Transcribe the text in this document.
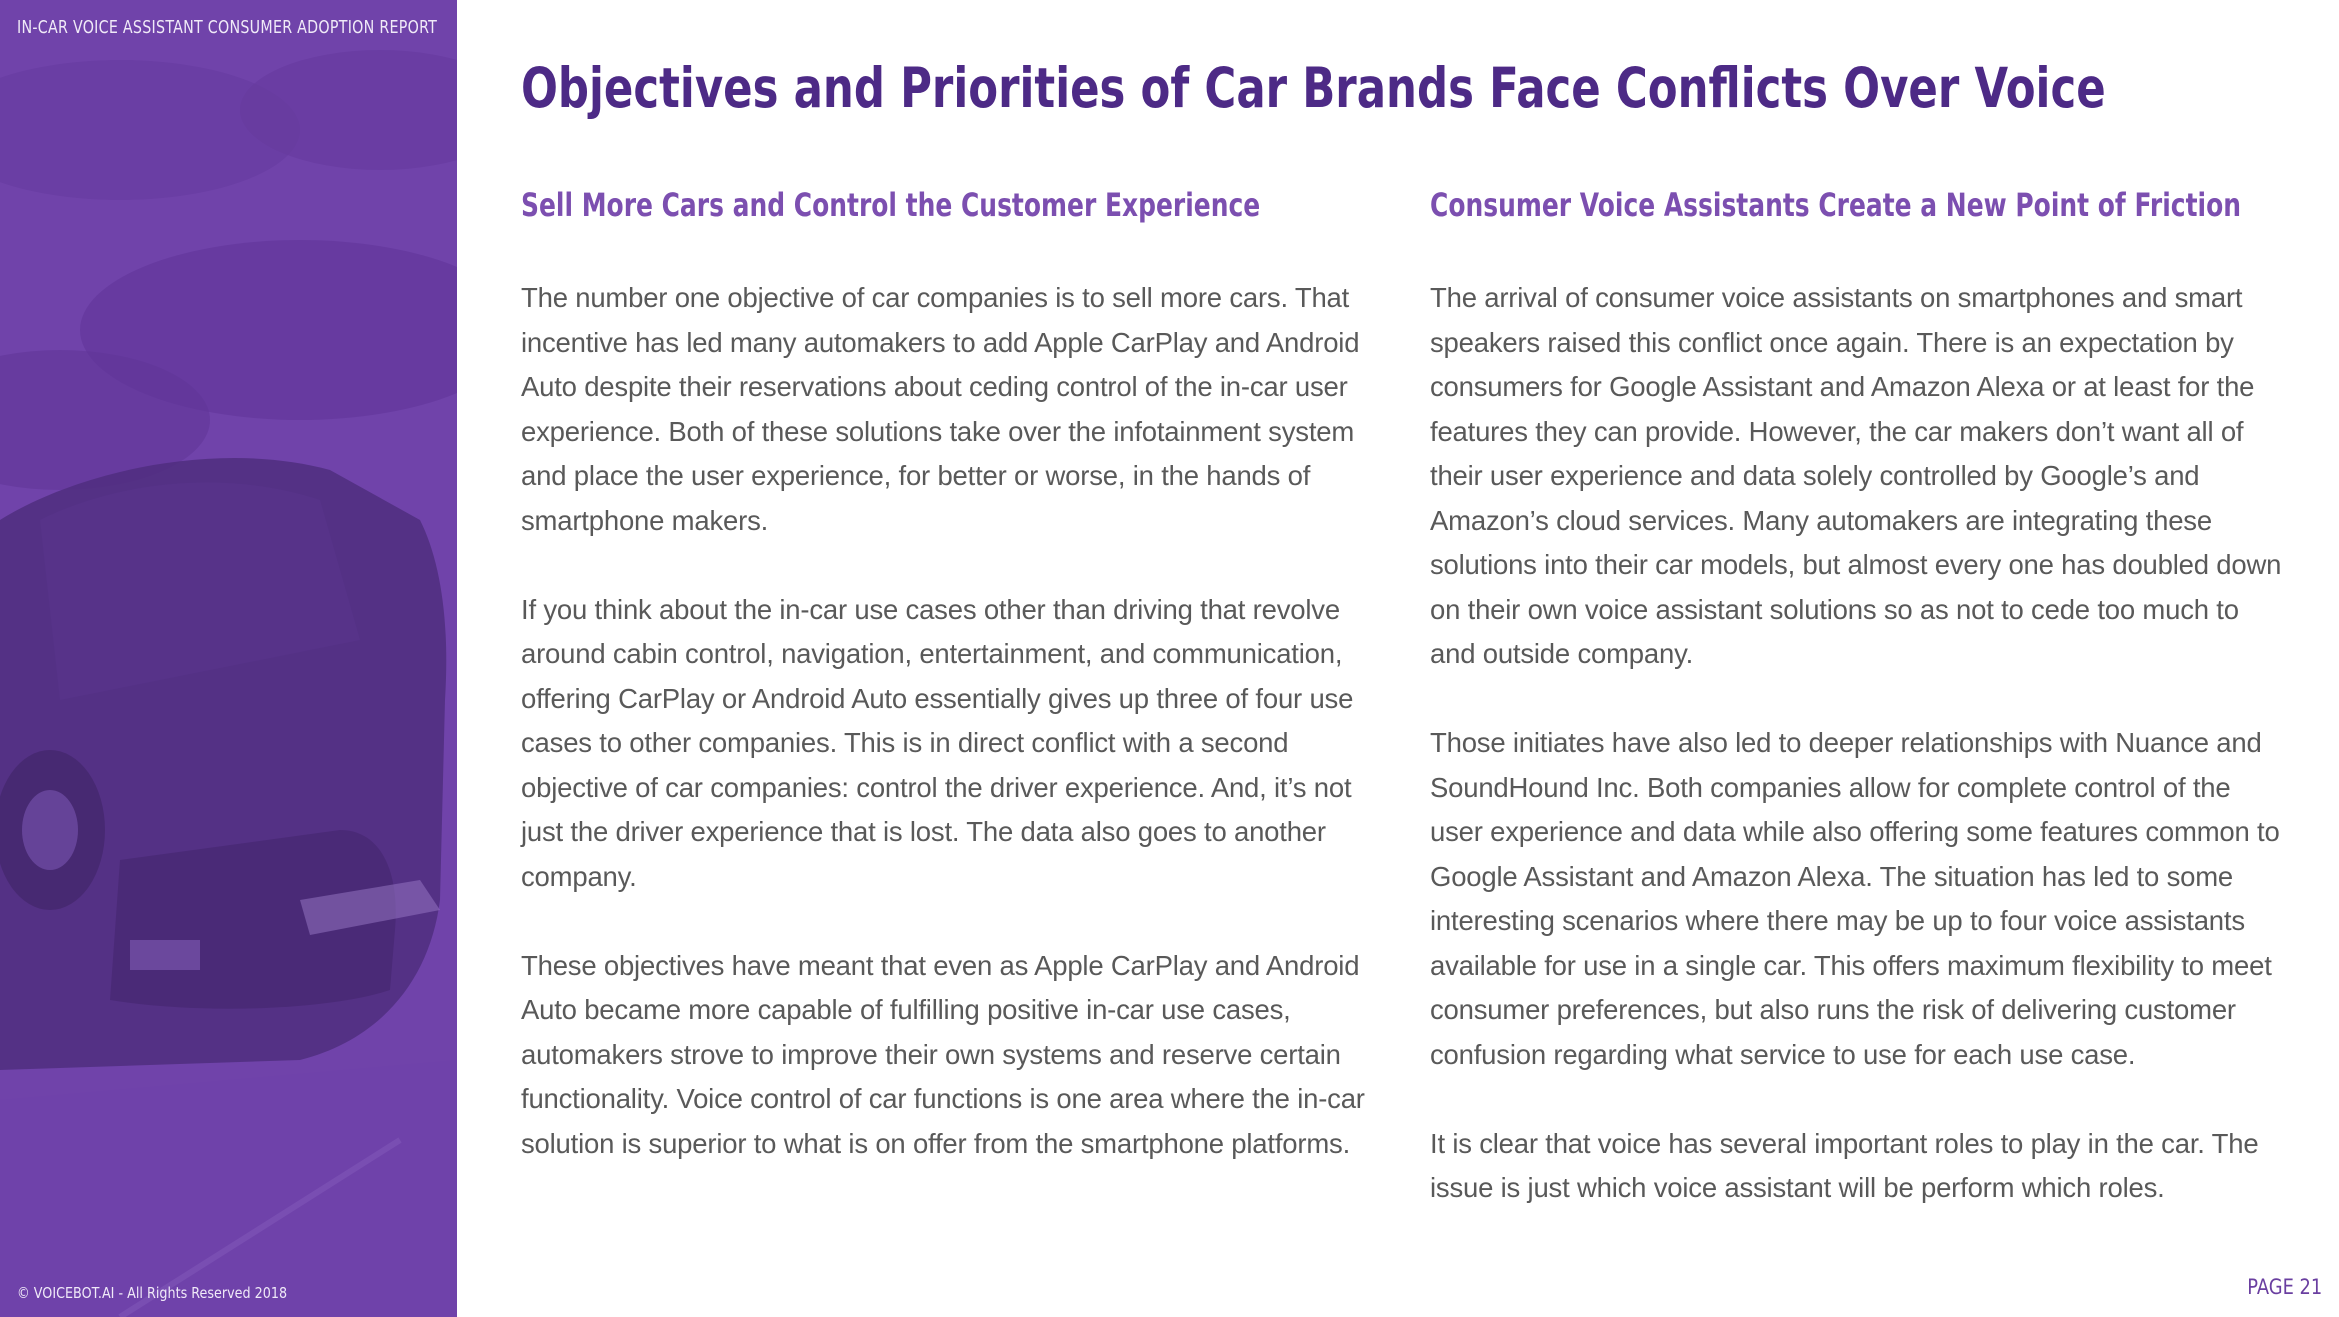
IN-CAR VOICE ASSISTANT CONSUMER ADOPTION REPORT
© VOICEBOT.AI - All Rights Reserved 2018
Objectives and Priorities of Car Brands Face Conflicts Over Voice
Sell More Cars and Control the Customer Experience

The number one objective of car companies is to sell more cars. That incentive has led many automakers to add Apple CarPlay and Android Auto despite their reservations about ceding control of the in-car user experience. Both of these solutions take over the infotainment system and place the user experience, for better or worse, in the hands of smartphone makers.

If you think about the in-car use cases other than driving that revolve around cabin control, navigation, entertainment, and communication, offering CarPlay or Android Auto essentially gives up three of four use cases to other companies. This is in direct conflict with a second objective of car companies: control the driver experience. And, it’s not just the driver experience that is lost. The data also goes to another company.

These objectives have meant that even as Apple CarPlay and Android Auto became more capable of fulfilling positive in-car use cases, automakers strove to improve their own systems and reserve certain functionality. Voice control of car functions is one area where the in-car solution is superior to what is on offer from the smartphone platforms.

Consumer Voice Assistants Create a New Point of Friction

The arrival of consumer voice assistants on smartphones and smart speakers raised this conflict once again. There is an expectation by consumers for Google Assistant and Amazon Alexa or at least for the features they can provide. However, the car makers don’t want all of their user experience and data solely controlled by Google’s and Amazon’s cloud services. Many automakers are integrating these solutions into their car models, but almost every one has doubled down on their own voice assistant solutions so as not to cede too much to and outside company.

Those initiates have also led to deeper relationships with Nuance and SoundHound Inc. Both companies allow for complete control of the user experience and data while also offering some features common to Google Assistant and Amazon Alexa. The situation has led to some interesting scenarios where there may be up to four voice assistants available for use in a single car. This offers maximum flexibility to meet consumer preferences, but also runs the risk of delivering customer confusion regarding what service to use for each use case.

It is clear that voice has several important roles to play in the car. The issue is just which voice assistant will be perform which roles.

PAGE 21
